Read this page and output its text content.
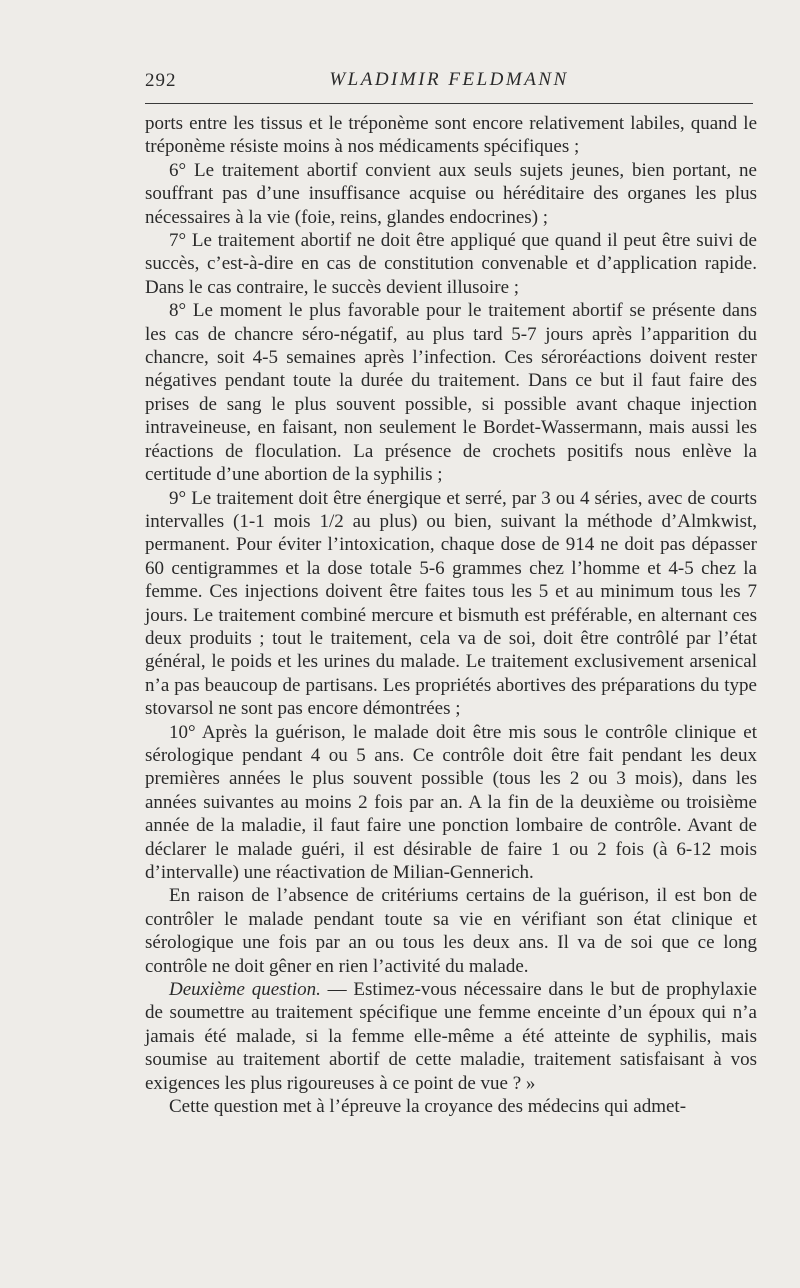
292	WLADIMIR FELDMANN

ports entre les tissus et le tréponème sont encore relativement labiles, quand le tréponème résiste moins à nos médicaments spécifiques ;

6° Le traitement abortif convient aux seuls sujets jeunes, bien portant, ne souffrant pas d’une insuffisance acquise ou héréditaire des organes les plus nécessaires à la vie (foie, reins, glandes endocrines) ;

7° Le traitement abortif ne doit être appliqué que quand il peut être suivi de succès, c’est-à-dire en cas de constitution convenable et d’application rapide. Dans le cas contraire, le succès devient illusoire ;

8° Le moment le plus favorable pour le traitement abortif se présente dans les cas de chancre séro-négatif, au plus tard 5-7 jours après l’apparition du chancre, soit 4-5 semaines après l’infection. Ces séroréactions doivent rester négatives pendant toute la durée du traitement. Dans ce but il faut faire des prises de sang le plus souvent possible, si possible avant chaque injection intraveineuse, en faisant, non seulement le Bordet-Wassermann, mais aussi les réactions de floculation. La présence de crochets positifs nous enlève la certitude d’une abortion de la syphilis ;

9° Le traitement doit être énergique et serré, par 3 ou 4 séries, avec de courts intervalles (1-1 mois 1/2 au plus) ou bien, suivant la méthode d’Almkwist, permanent. Pour éviter l’intoxication, chaque dose de 914 ne doit pas dépasser 60 centigrammes et la dose totale 5-6 grammes chez l’homme et 4-5 chez la femme. Ces injections doivent être faites tous les 5 et au minimum tous les 7 jours. Le traitement combiné mercure et bismuth est préférable, en alternant ces deux produits ; tout le traitement, cela va de soi, doit être contrôlé par l’état général, le poids et les urines du malade. Le traitement exclusivement arsenical n’a pas beaucoup de partisans. Les propriétés abortives des préparations du type stovarsol ne sont pas encore démontrées ;

10° Après la guérison, le malade doit être mis sous le contrôle clinique et sérologique pendant 4 ou 5 ans. Ce contrôle doit être fait pendant les deux premières années le plus souvent possible (tous les 2 ou 3 mois), dans les années suivantes au moins 2 fois par an. A la fin de la deuxième ou troisième année de la maladie, il faut faire une ponction lombaire de contrôle. Avant de déclarer le malade guéri, il est désirable de faire 1 ou 2 fois (à 6-12 mois d’intervalle) une réactivation de Milian-Gennerich.

En raison de l’absence de critériums certains de la guérison, il est bon de contrôler le malade pendant toute sa vie en vérifiant son état clinique et sérologique une fois par an ou tous les deux ans. Il va de soi que ce long contrôle ne doit gêner en rien l’activité du malade.

Deuxième question. — Estimez-vous nécessaire dans le but de prophylaxie de soumettre au traitement spécifique une femme enceinte d’un époux qui n’a jamais été malade, si la femme elle-même a été atteinte de syphilis, mais soumise au traitement abortif de cette maladie, traitement satisfaisant à vos exigences les plus rigoureuses à ce point de vue ? »

Cette question met à l’épreuve la croyance des médecins qui admet-
